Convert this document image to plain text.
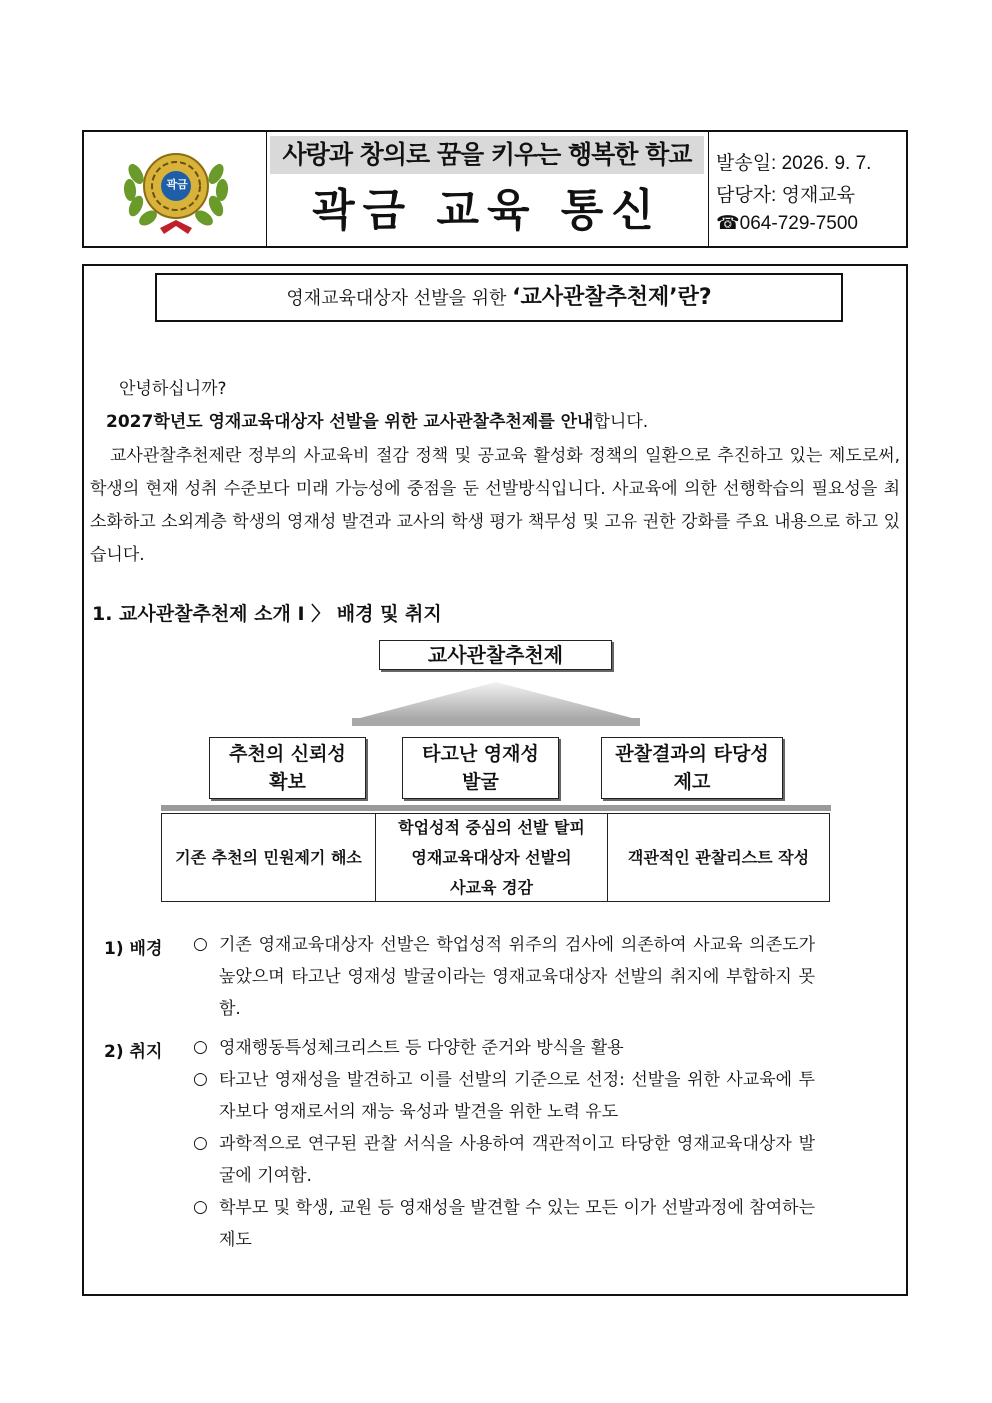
곽금
사랑과 창의로 꿈을 키우는 행복한 학교
곽금 교육 통신
발송일: 2026. 9. 7.
담당자: 영재교육
☎064-729-7500
영재교육대상자 선발을 위한 ‘교사관찰추천제’란?
안녕하십니까?
2027학년도 영재교육대상자 선발을 위한 교사관찰추천제를 안내합니다.
교사관찰추천제란 정부의 사교육비 절감 정책 및 공교육 활성화 정책의 일환으로 추진하고 있는 제도로써, 학생의 현재 성취 수준보다 미래 가능성에 중점을 둔 선발방식입니다. 사교육에 의한 선행학습의 필요성을 최소화하고 소외계층 학생의 영재성 발견과 교사의 학생 평가 책무성 및 고유 권한 강화를 주요 내용으로 하고 있습니다.
1. 교사관찰추천제 소개 Ⅰ 〉 배경 및 취지
교사관찰추천제
추천의 신뢰성
확보
타고난 영재성
발굴
관찰결과의 타당성
제고
기존 추천의 민원제기 해소
학업성적 중심의 선발 탈피
영재교육대상자 선발의
사교육 경감
객관적인 관찰리스트 작성
1) 배경 ○ 기존 영재교육대상자 선발은 학업성적 위주의 검사에 의존하여 사교육 의존도가 높았으며 타고난 영재성 발굴이라는 영재교육대상자 선발의 취지에 부합하지 못함.
2) 취지 ○ 영재행동특성체크리스트 등 다양한 준거와 방식을 활용
○ 타고난 영재성을 발견하고 이를 선발의 기준으로 선정: 선발을 위한 사교육에 투자보다 영재로서의 재능 육성과 발견을 위한 노력 유도
○ 과학적으로 연구된 관찰 서식을 사용하여 객관적이고 타당한 영재교육대상자 발굴에 기여함.
○ 학부모 및 학생, 교원 등 영재성을 발견할 수 있는 모든 이가 선발과정에 참여하는 제도
